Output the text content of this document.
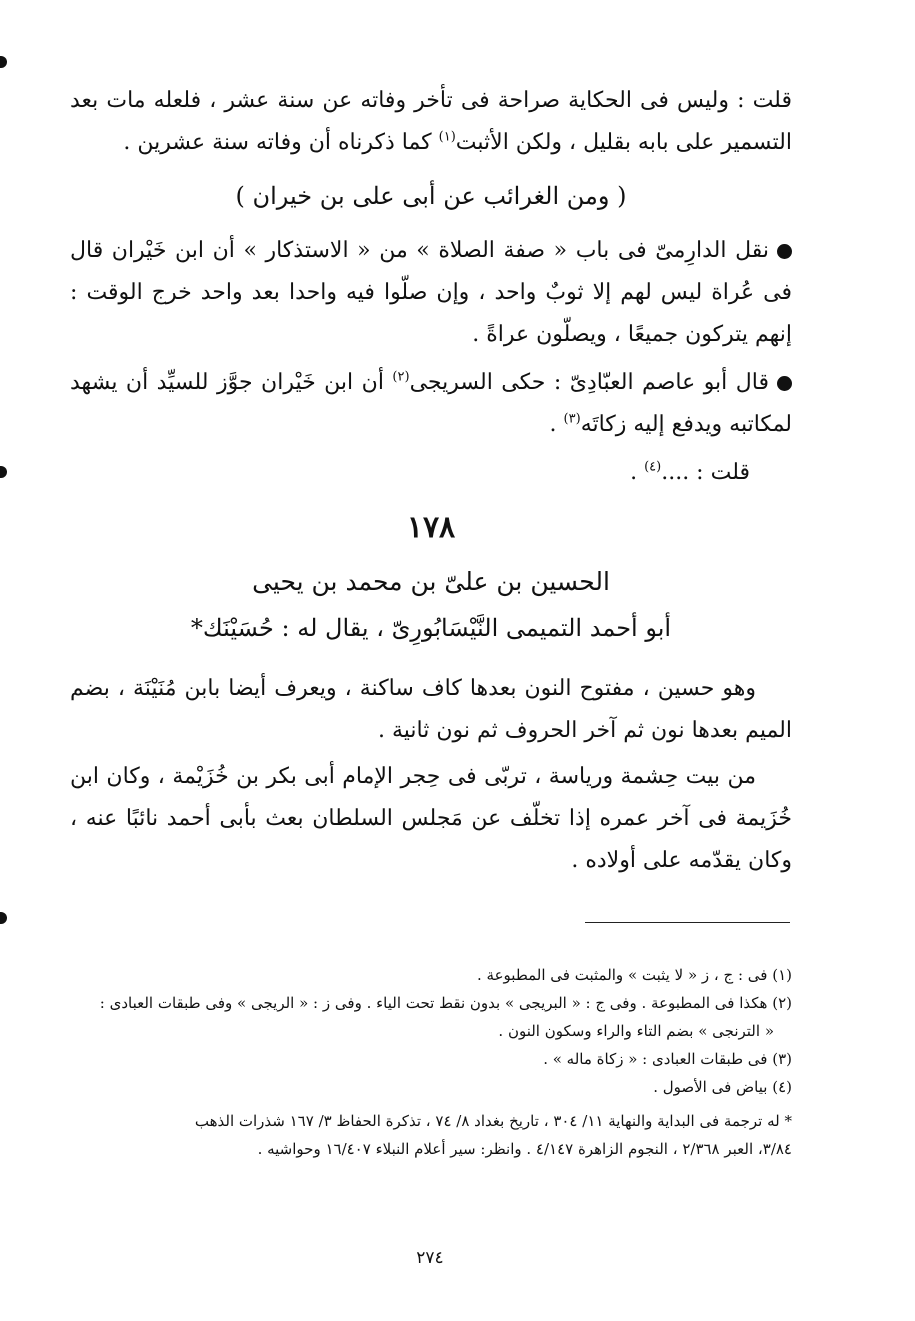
قلت : وليس فى الحكاية صراحة فى تأخر وفاته عن سنة عشر ، فلعله مات بعد التسمير على بابه بقليل ، ولكن الأثبت$^{(١)}$ كما ذكرناه أن وفاته سنة عشرين .

( ومن الغرائب عن أبى على بن خيران )

نقل الدارِمىّ فى باب « صفة الصلاة » من « الاستذكار » أن ابن خَيْران قال فى عُراة ليس لهم إلا ثوبٌ واحد ، وإن صلّوا فيه واحدا بعد واحد خرج الوقت : إنهم يتركون جميعًا ، ويصلّون عراةً .

قال أبو عاصم العبّادِىّ : حكى السريجى$^{(٢)}$ أن ابن خَيْران جوَّز للسيِّد أن يشهد لمكاتبه ويدفع إليه زكاتَه$^{(٣)}$ .

قلت : ....$^{(٤)}$ .

١٧٨
الحسين بن علىّ بن محمد بن يحيى
أبو أحمد التميمى النَّيْسَابُورِىّ ، يقال له : حُسَيْنَك*

وهو حسين ، مفتوح النون بعدها كاف ساكنة ، ويعرف أيضا بابن مُنَيْنَة ، بضم الميم بعدها نون ثم آخر الحروف ثم نون ثانية .

من بيت حِشمة ورياسة ، تربّى فى حِجر الإمام أبى بكر بن خُزَيْمة ، وكان ابن خُزَيمة فى آخر عمره إذا تخلّف عن مَجلس السلطان بعث بأبى أحمد نائبًا عنه ، وكان يقدّمه على أولاده .

(١) فى : ج ، ز « لا يثبت » والمثبت فى المطبوعة .
(٢) هكذا فى المطبوعة . وفى ج : « البريجى » بدون نقط تحت الياء . وفى ز : « الريجى » وفى طبقات العبادى :
« الترنجى » بضم التاء والراء وسكون النون .
(٣) فى طبقات العبادى : « زكاة ماله » .
(٤) بياض فى الأصول .
* له ترجمة فى البداية والنهاية ١١/ ٣٠٤ ، تاريخ بغداد ٨/ ٧٤ ، تذكرة الحفاظ ٣/ ١٦٧ شذرات الذهب
٣/٨٤، العبر ٢/٣٦٨ ، النجوم الزاهرة ٤/١٤٧ . وانظر: سير أعلام النبلاء ١٦/٤٠٧ وحواشيه .
٢٧٤
